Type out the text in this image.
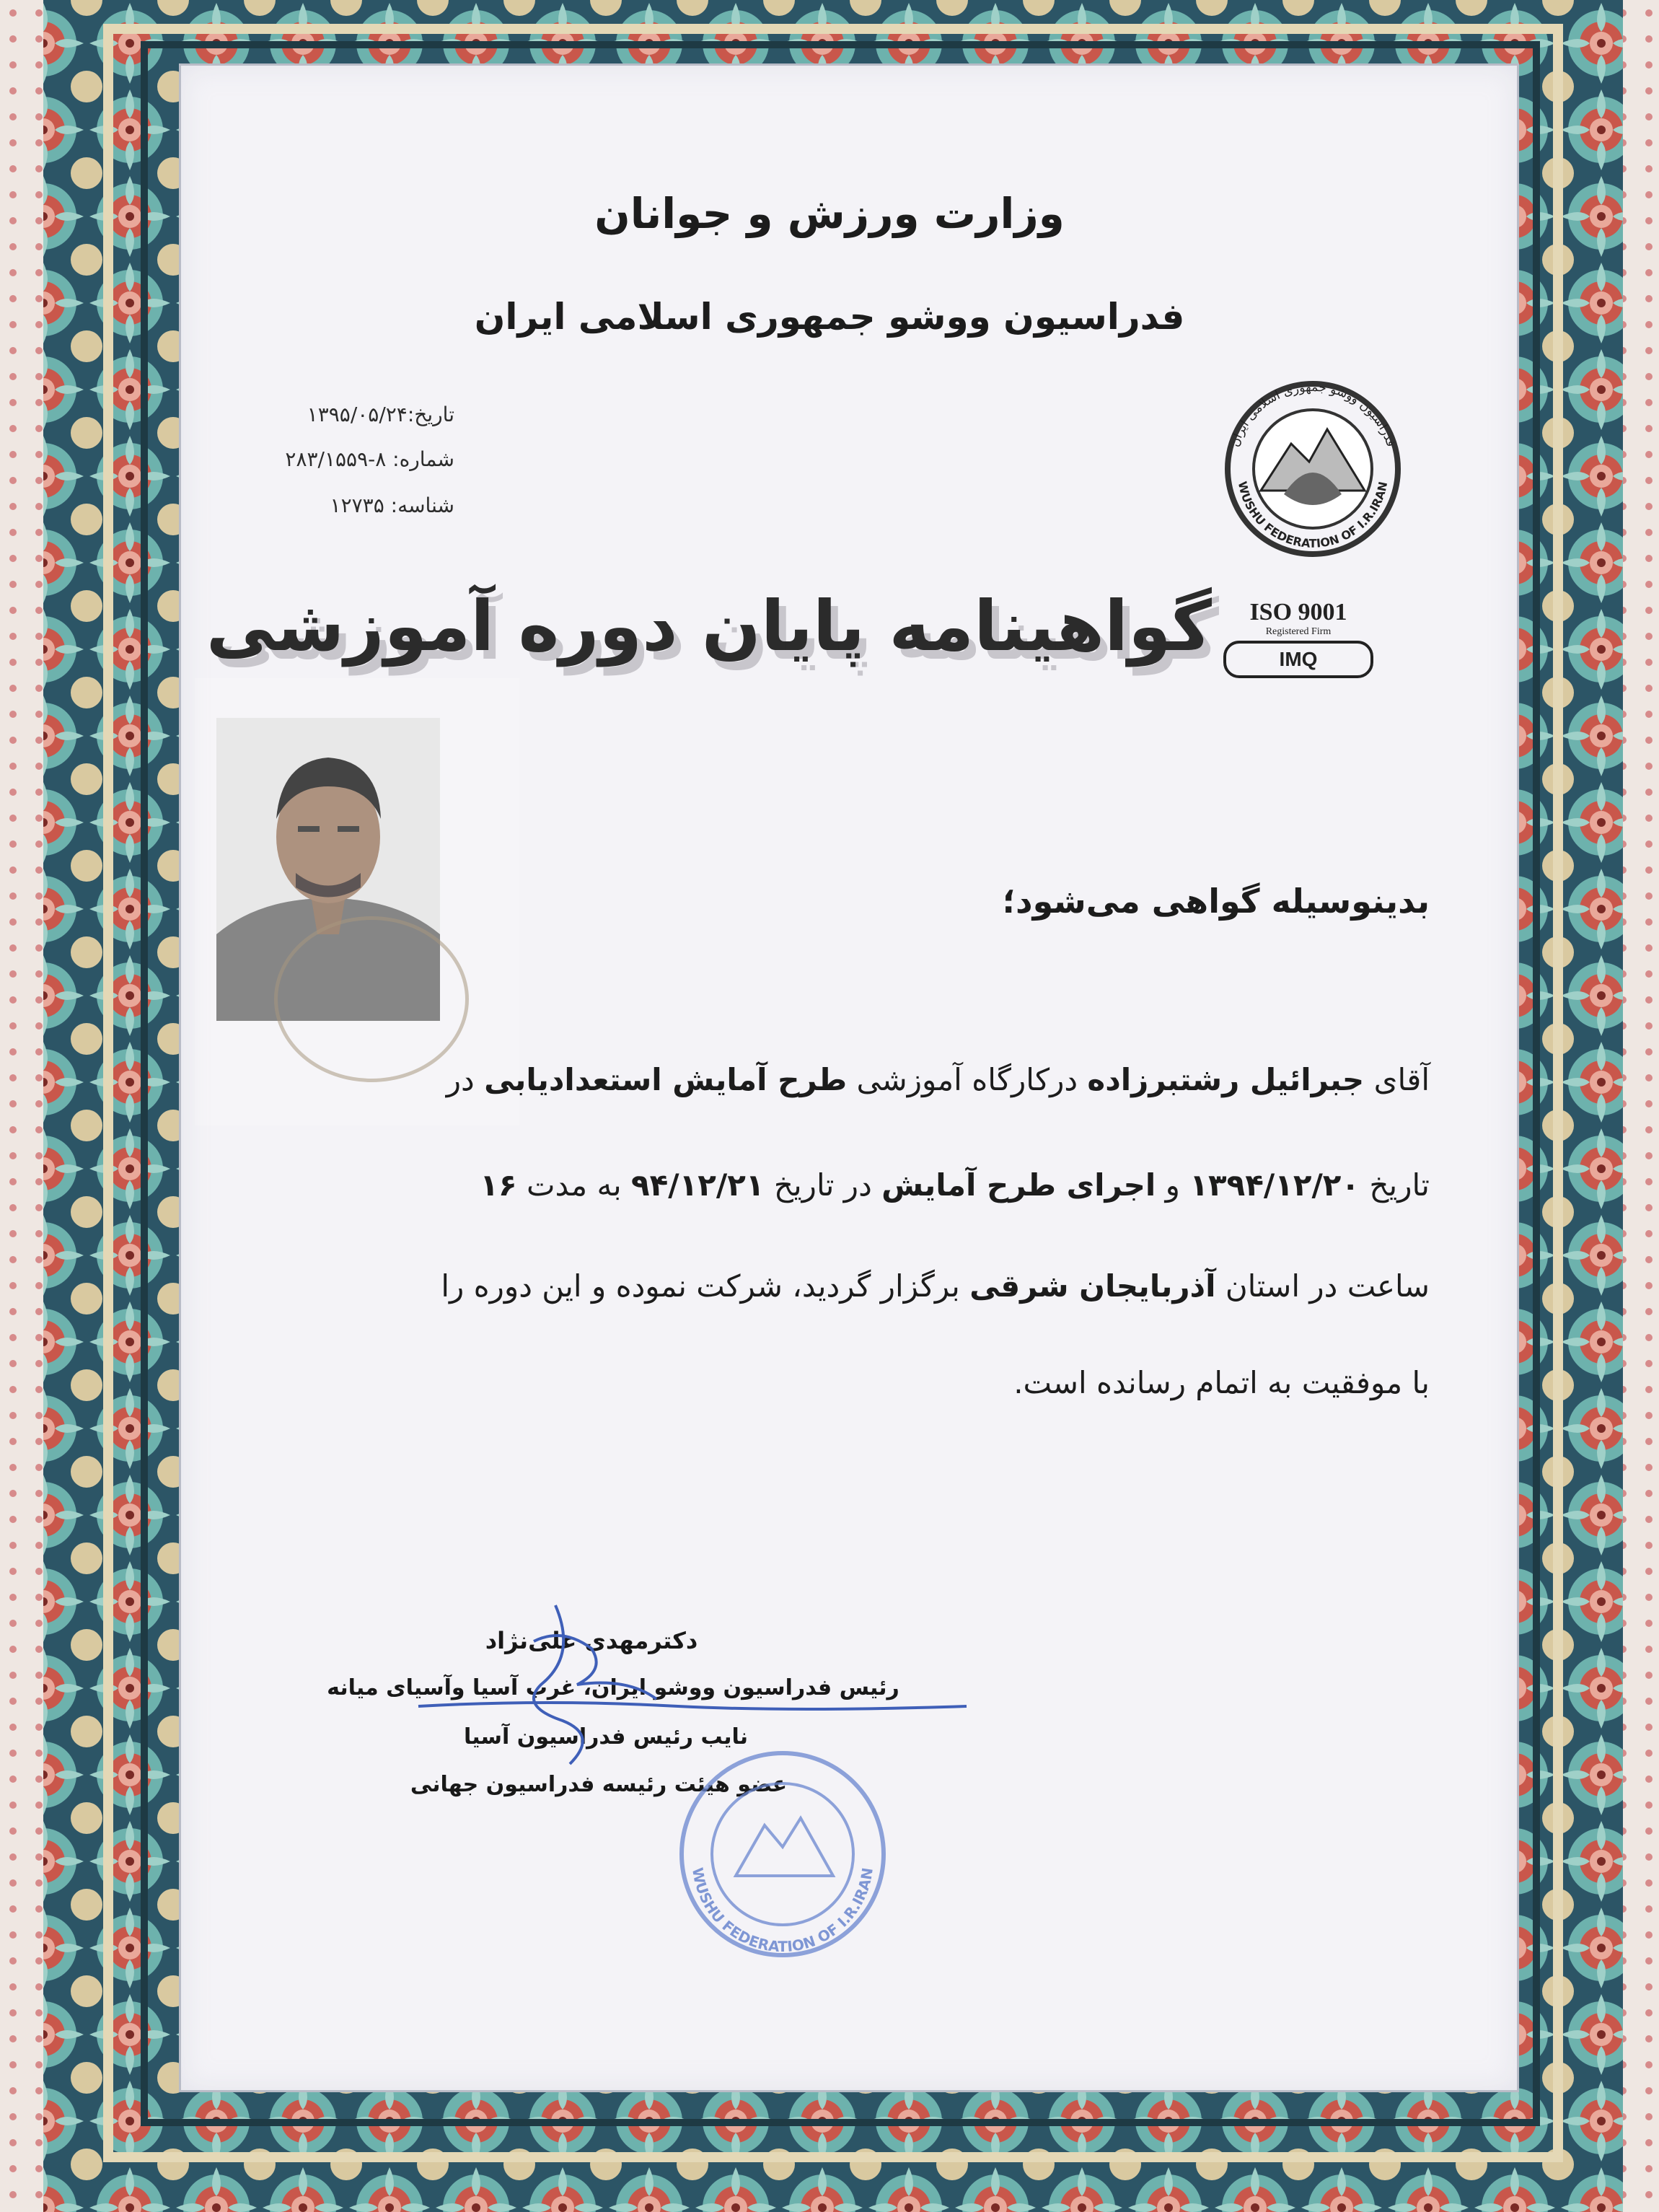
وزارت ورزش و جوانان
فدراسیون ووشو جمهوری اسلامی ایران
تاریخ:۱۳۹۵/۰۵/۲۴
شماره: ۸-۲۸۳/۱۵۵۹
شناسه: ۱۲۷۳۵
فدراسیون ووشو جمهوری اسلامی ایران
WUSHU FEDERATION OF I.R.IRAN
ISO 9001
Registered Firm
IMQ
گواهینامه پایان دوره آموزشی
بدینوسیله گواهی می‌شود؛
آقای جبرائیل رشتبرزاده درکارگاه آموزشی طرح آمایش استعدادیابی در
تاریخ ۱۳۹۴/۱۲/۲۰ و اجرای طرح آمایش در تاریخ ۹۴/۱۲/۲۱ به مدت ۱۶
ساعت در استان آذربایجان شرقی برگزار گردید، شرکت نموده و این دوره را
با موفقیت به اتمام رسانده است.
دکترمهدی علی‌نژاد
رئیس فدراسیون ووشو ایران، غرب آسیا وآسیای میانه
نایب رئیس فدراسیون آسیا
عضو هیئت رئیسه فدراسیون جهانی
WUSHU FEDERATION OF I.R.IRAN
